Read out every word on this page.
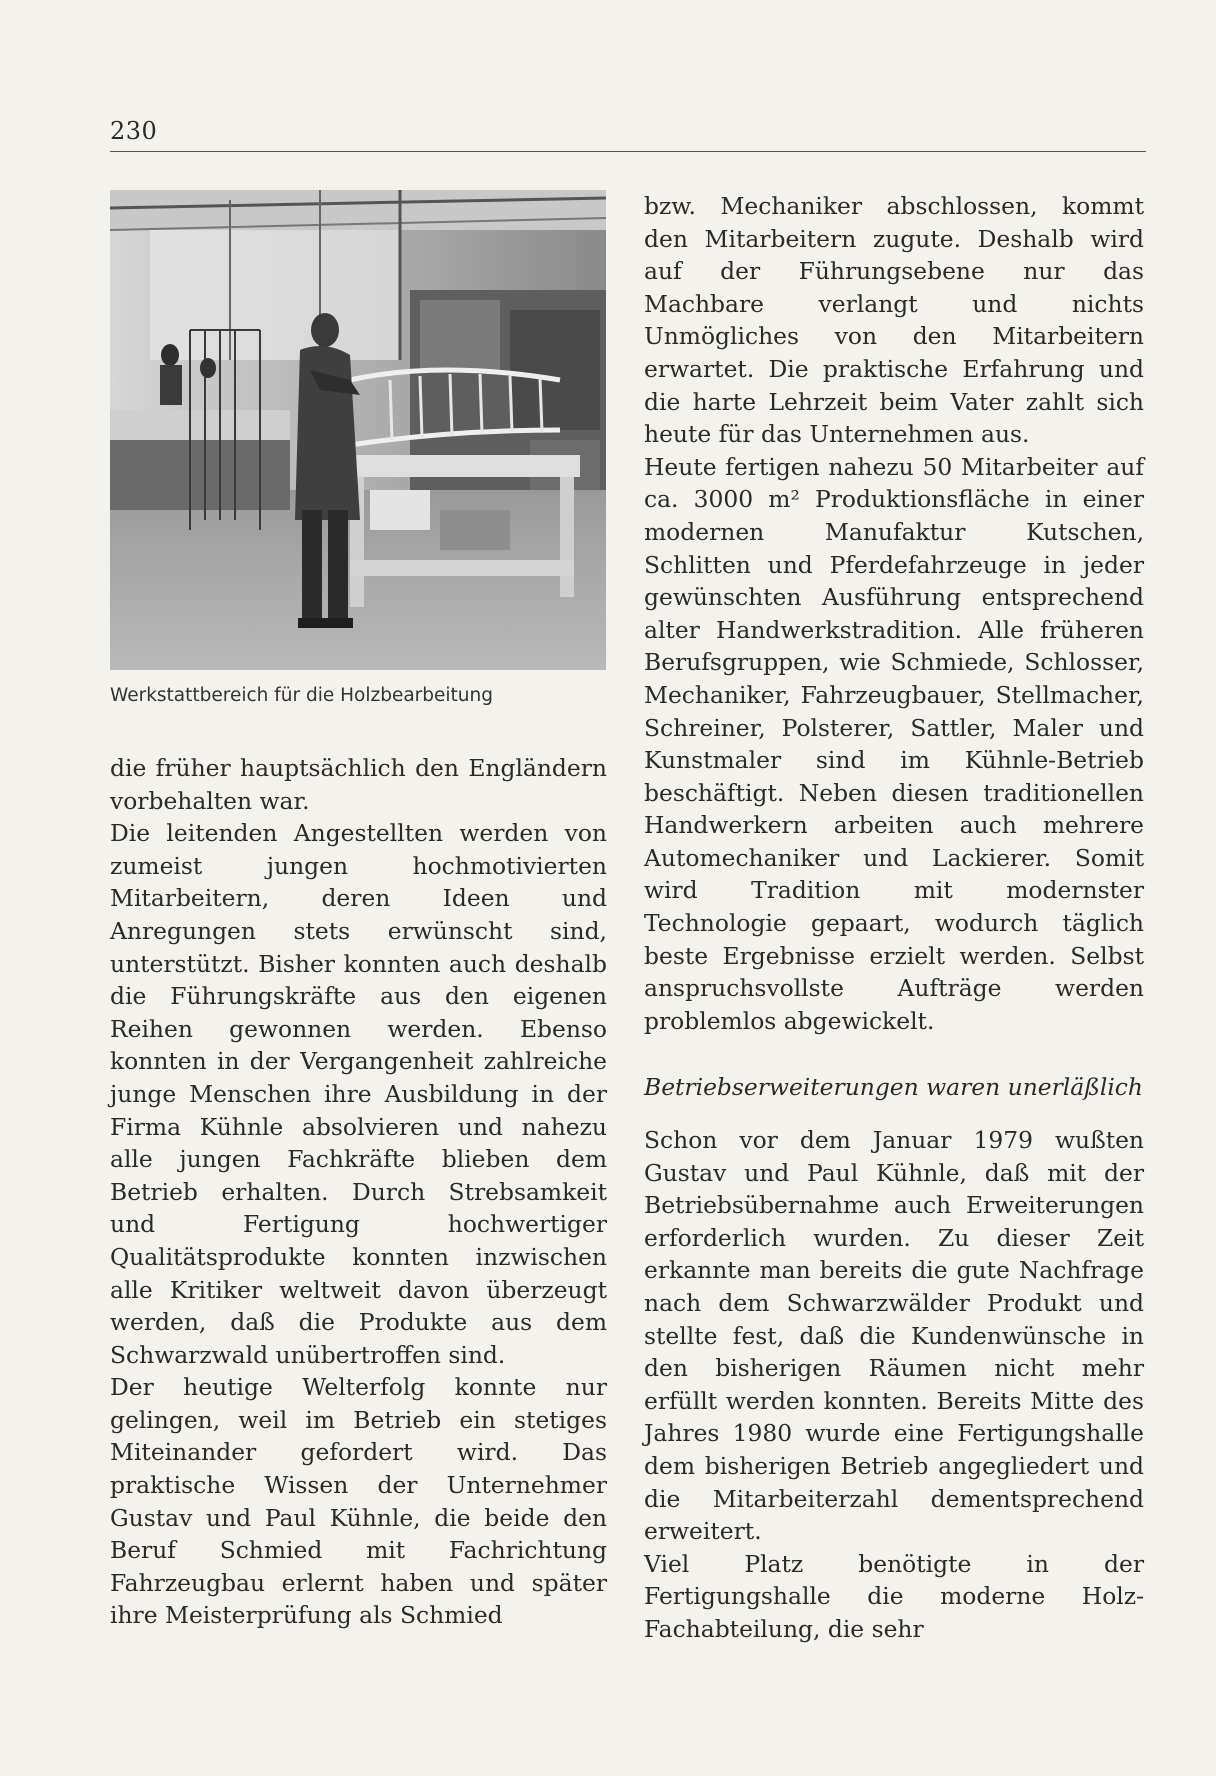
230
Werkstattbereich für die Holzbearbeitung

die früher hauptsächlich den Engländern vorbehalten war.

Die leitenden Angestellten werden von zumeist jungen hochmotivierten Mitarbeitern, deren Ideen und Anregungen stets erwünscht sind, unterstützt. Bisher konnten auch deshalb die Führungskräfte aus den eigenen Reihen gewonnen werden. Ebenso konnten in der Vergangenheit zahlreiche junge Menschen ihre Ausbildung in der Firma Kühnle absolvieren und nahezu alle jungen Fachkräfte blieben dem Betrieb erhalten. Durch Strebsamkeit und Fertigung hochwertiger Qualitätsprodukte konnten inzwischen alle Kritiker weltweit davon überzeugt werden, daß die Produkte aus dem Schwarzwald unübertroffen sind.

Der heutige Welterfolg konnte nur gelingen, weil im Betrieb ein stetiges Miteinander gefordert wird. Das praktische Wissen der Unternehmer Gustav und Paul Kühnle, die beide den Beruf Schmied mit Fachrichtung Fahrzeugbau erlernt haben und später ihre Meisterprüfung als Schmied

bzw. Mechaniker abschlossen, kommt den Mitarbeitern zugute. Deshalb wird auf der Führungsebene nur das Machbare verlangt und nichts Unmögliches von den Mitarbeitern erwartet. Die praktische Erfahrung und die harte Lehrzeit beim Vater zahlt sich heute für das Unternehmen aus.

Heute fertigen nahezu 50 Mitarbeiter auf ca. 3000 m² Produktionsfläche in einer modernen Manufaktur Kutschen, Schlitten und Pferdefahrzeuge in jeder gewünschten Ausführung entsprechend alter Handwerkstradition. Alle früheren Berufsgruppen, wie Schmiede, Schlosser, Mechaniker, Fahrzeugbauer, Stellmacher, Schreiner, Polsterer, Sattler, Maler und Kunstmaler sind im Kühnle-Betrieb beschäftigt. Neben diesen traditionellen Handwerkern arbeiten auch mehrere Automechaniker und Lackierer. Somit wird Tradition mit modernster Technologie gepaart, wodurch täglich beste Ergebnisse erzielt werden. Selbst anspruchsvollste Aufträge werden problemlos abgewickelt.

Betriebserweiterungen waren unerläßlich

Schon vor dem Januar 1979 wußten Gustav und Paul Kühnle, daß mit der Betriebsübernahme auch Erweiterungen erforderlich wurden. Zu dieser Zeit erkannte man bereits die gute Nachfrage nach dem Schwarzwälder Produkt und stellte fest, daß die Kundenwünsche in den bisherigen Räumen nicht mehr erfüllt werden konnten. Bereits Mitte des Jahres 1980 wurde eine Fertigungshalle dem bisherigen Betrieb angegliedert und die Mitarbeiterzahl dementsprechend erweitert.

Viel Platz benötigte in der Fertigungshalle die moderne Holz-Fachabteilung, die sehr
